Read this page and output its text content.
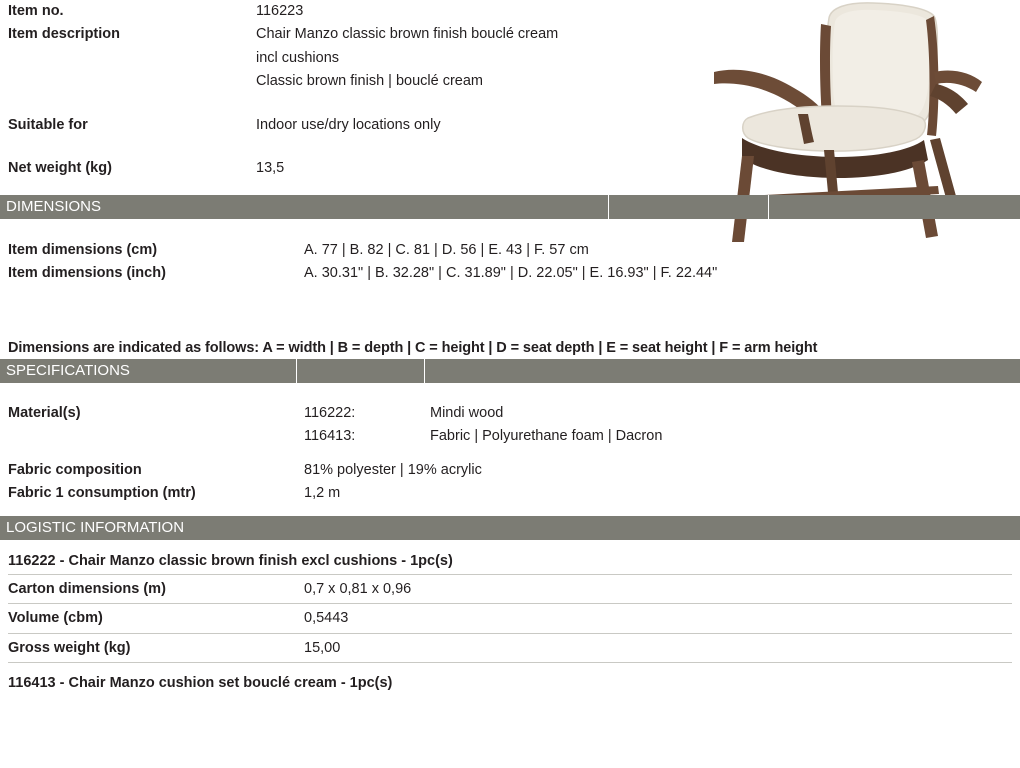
Item no.	116223
Item description	Chair Manzo classic brown finish bouclé cream
incl cushions
Classic brown finish | bouclé cream
Suitable for	Indoor use/dry locations only
Net weight (kg)	13,5
DIMENSIONS
Item dimensions (cm)	A. 77 | B. 82 | C. 81 | D. 56 | E. 43 | F. 57 cm
Item dimensions (inch)	A. 30.31" | B. 32.28" | C. 31.89" | D. 22.05" | E. 16.93" | F. 22.44"
Dimensions are indicated as follows: A = width | B = depth | C = height | D = seat depth | E = seat height | F = arm height
SPECIFICATIONS
Material(s)	116222:	Mindi wood
116413:	Fabric | Polyurethane foam | Dacron
Fabric composition	81% polyester | 19% acrylic
Fabric 1 consumption (mtr)	1,2 m
LOGISTIC INFORMATION
116222 - Chair Manzo classic brown finish excl cushions - 1pc(s)
Carton dimensions (m)	0,7 x 0,81 x 0,96
Volume (cbm)	0,5443
Gross weight (kg)	15,00
116413 - Chair Manzo cushion set bouclé cream - 1pc(s)
